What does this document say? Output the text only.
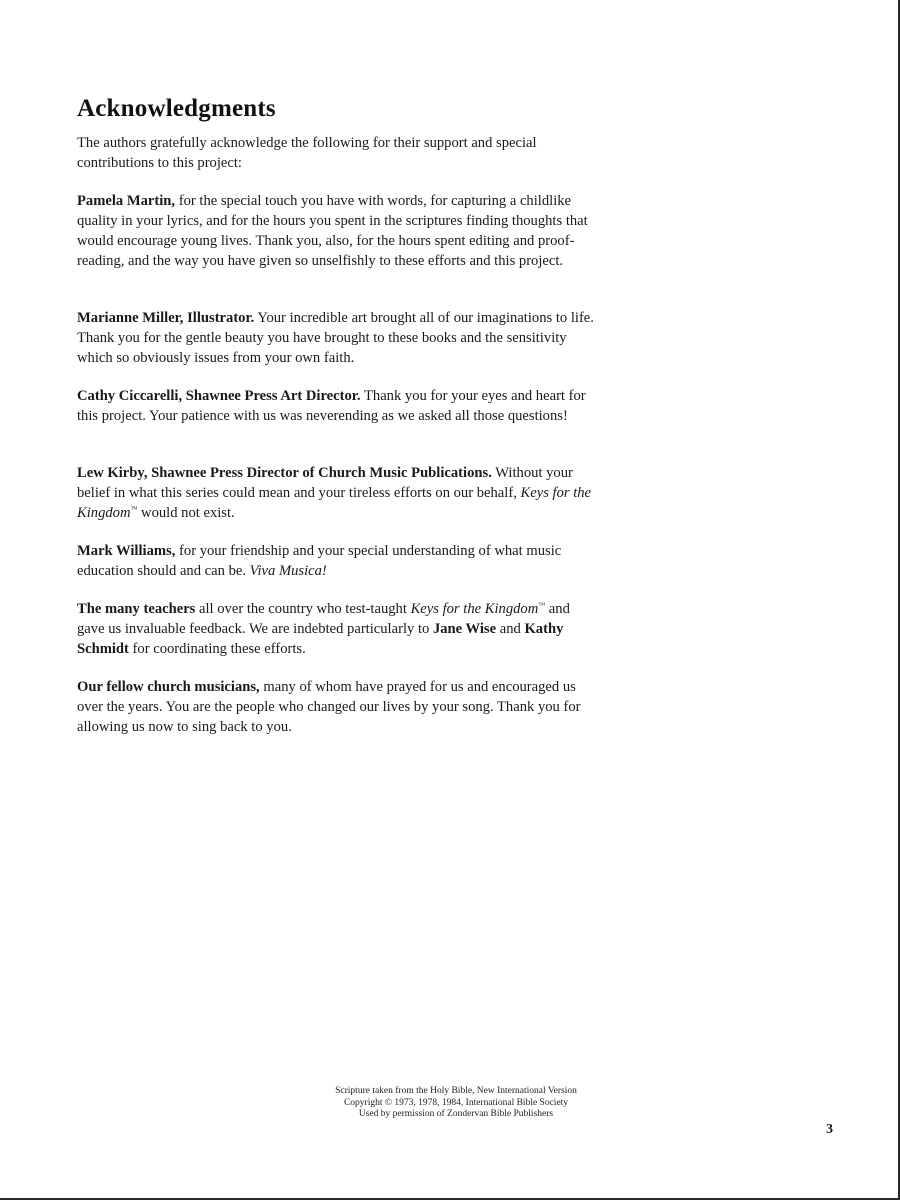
Acknowledgments

The authors gratefully acknowledge the following for their support and special contributions to this project:

Pamela Martin, for the special touch you have with words, for capturing a childlike quality in your lyrics, and for the hours you spent in the scriptures finding thoughts that would encourage young lives. Thank you, also, for the hours spent editing and proof-reading, and the way you have given so unselfishly to these efforts and this project.

Marianne Miller, Illustrator. Your incredible art brought all of our imaginations to life. Thank you for the gentle beauty you have brought to these books and the sensitivity which so obviously issues from your own faith.

Cathy Ciccarelli, Shawnee Press Art Director. Thank you for your eyes and heart for this project. Your patience with us was neverending as we asked all those questions!

Lew Kirby, Shawnee Press Director of Church Music Publications. Without your belief in what this series could mean and your tireless efforts on our behalf, Keys for the Kingdom™ would not exist.

Mark Williams, for your friendship and your special understanding of what music education should and can be. Viva Musica!

The many teachers all over the country who test-taught Keys for the Kingdom™ and gave us invaluable feedback. We are indebted particularly to Jane Wise and Kathy Schmidt for coordinating these efforts.

Our fellow church musicians, many of whom have prayed for us and encouraged us over the years. You are the people who changed our lives by your song. Thank you for allowing us now to sing back to you.

Scripture taken from the Holy Bible, New International Version
Copyright © 1973, 1978, 1984, International Bible Society
Used by permission of Zondervan Bible Publishers
3
